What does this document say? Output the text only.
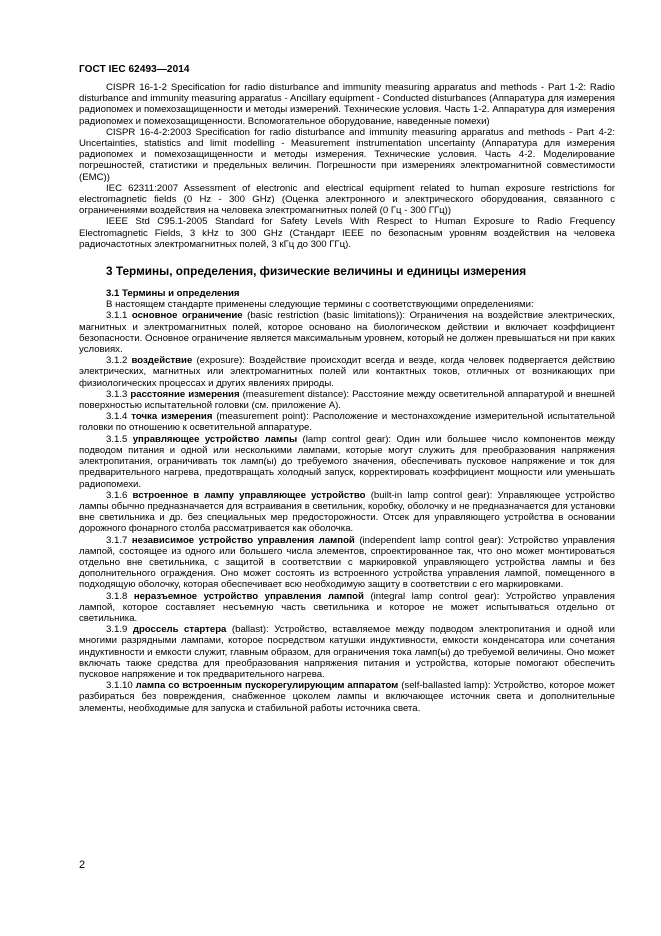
ГОСТ IEC 62493—2014

CISPR 16-1-2 Specification for radio disturbance and immunity measuring apparatus and methods - Part 1-2: Radio disturbance and immunity measuring apparatus - Ancillary equipment - Conducted disturbances (Аппаратура для измерения радиопомех и помехозащищенности и методы измерений. Технические условия. Часть 1-2. Аппаратура для измерения радиопомех и помехозащищенности. Вспомогательное оборудование, наведенные помехи)

CISPR 16-4-2:2003 Specification for radio disturbance and immunity measuring apparatus and methods - Part 4-2: Uncertainties, statistics and limit modelling - Measurement instrumentation uncertainty (Аппаратура для измерения радиопомех и помехозащищенности и методы измерения. Технические условия. Часть 4-2. Моделирование погрешностей, статистики и предельных величин. Погрешности при измерениях электромагнитной совместимости (EMC))

IEC 62311:2007 Assessment of electronic and electrical equipment related to human exposure restrictions for electromagnetic fields (0 Hz - 300 GHz) (Оценка электронного и электрического оборудования, связанного с ограничениями воздействия на человека электромагнитных полей (0 Гц - 300 ГГц))

IEEE Std C95.1-2005 Standard for Safety Levels With Respect to Human Exposure to Radio Frequency Electromagnetic Fields, 3 kHz to 300 GHz (Стандарт IEEE по безопасным уровням воздействия на человека радиочастотных электромагнитных полей, 3 кГц до 300 ГГц).

3 Термины, определения, физические величины и единицы измерения

3.1 Термины и определения

В настоящем стандарте применены следующие термины с соответствующими определениями:

3.1.1 основное ограничение (basic restriction (basic limitations)): Ограничения на воздействие электрических, магнитных и электромагнитных полей, которое основано на биологическом действии и включает коэффициент безопасности. Основное ограничение является максимальным уровнем, который не должен превышаться ни при каких условиях.

3.1.2 воздействие (exposure): Воздействие происходит всегда и везде, когда человек подвергается действию электрических, магнитных или электромагнитных полей или контактных токов, отличных от возникающих при физиологических процессах и других явлениях природы.

3.1.3 расстояние измерения (measurement distance): Расстояние между осветительной аппаратурой и внешней поверхностью испытательной головки (см. приложение A).

3.1.4 точка измерения (measurement point): Расположение и местонахождение измерительной испытательной головки по отношению к осветительной аппаратуре.

3.1.5 управляющее устройство лампы (lamp control gear): Один или большее число компонентов между подводом питания и одной или несколькими лампами, которые могут служить для преобразования напряжения электропитания, ограничивать ток ламп(ы) до требуемого значения, обеспечивать пусковое напряжение и ток для предварительного нагрева, предотвращать холодный запуск, корректировать коэффициент мощности или уменьшать радиопомехи.

3.1.6 встроенное в лампу управляющее устройство (built-in lamp control gear): Управляющее устройство лампы обычно предназначается для встраивания в светильник, коробку, оболочку и не предназначается для установки вне светильника и др. без специальных мер предосторожности. Отсек для управляющего устройства в основании дорожного фонарного столба рассматривается как оболочка.

3.1.7 независимое устройство управления лампой (independent lamp control gear): Устройство управления лампой, состоящее из одного или большего числа элементов, спроектированное так, что оно может монтироваться отдельно вне светильника, с защитой в соответствии с маркировкой управляющего устройства лампы и без дополнительного ограждения. Оно может состоять из встроенного устройства управления лампой, помещенного в подходящую оболочку, которая обеспечивает всю необходимую защиту в соответствии с его маркировками.

3.1.8 неразъемное устройство управления лампой (integral lamp control gear): Устройство управления лампой, которое составляет несъемную часть светильника и которое не может испытываться отдельно от светильника.

3.1.9 дроссель стартера (ballast): Устройство, вставляемое между подводом электропитания и одной или многими разрядными лампами, которое посредством катушки индуктивности, емкости конденсатора или сочетания индуктивности и емкости служит, главным образом, для ограничения тока ламп(ы) до требуемой величины. Оно может включать также средства для преобразования напряжения питания и устройства, которые помогают обеспечить пусковое напряжение и ток предварительного нагрева.

3.1.10 лампа со встроенным пускорегулирующим аппаратом (self-ballasted lamp): Устройство, которое может разбираться без повреждения, снабженное цоколем лампы и включающее источник света и дополнительные элементы, необходимые для запуска и стабильной работы источника света.

2
